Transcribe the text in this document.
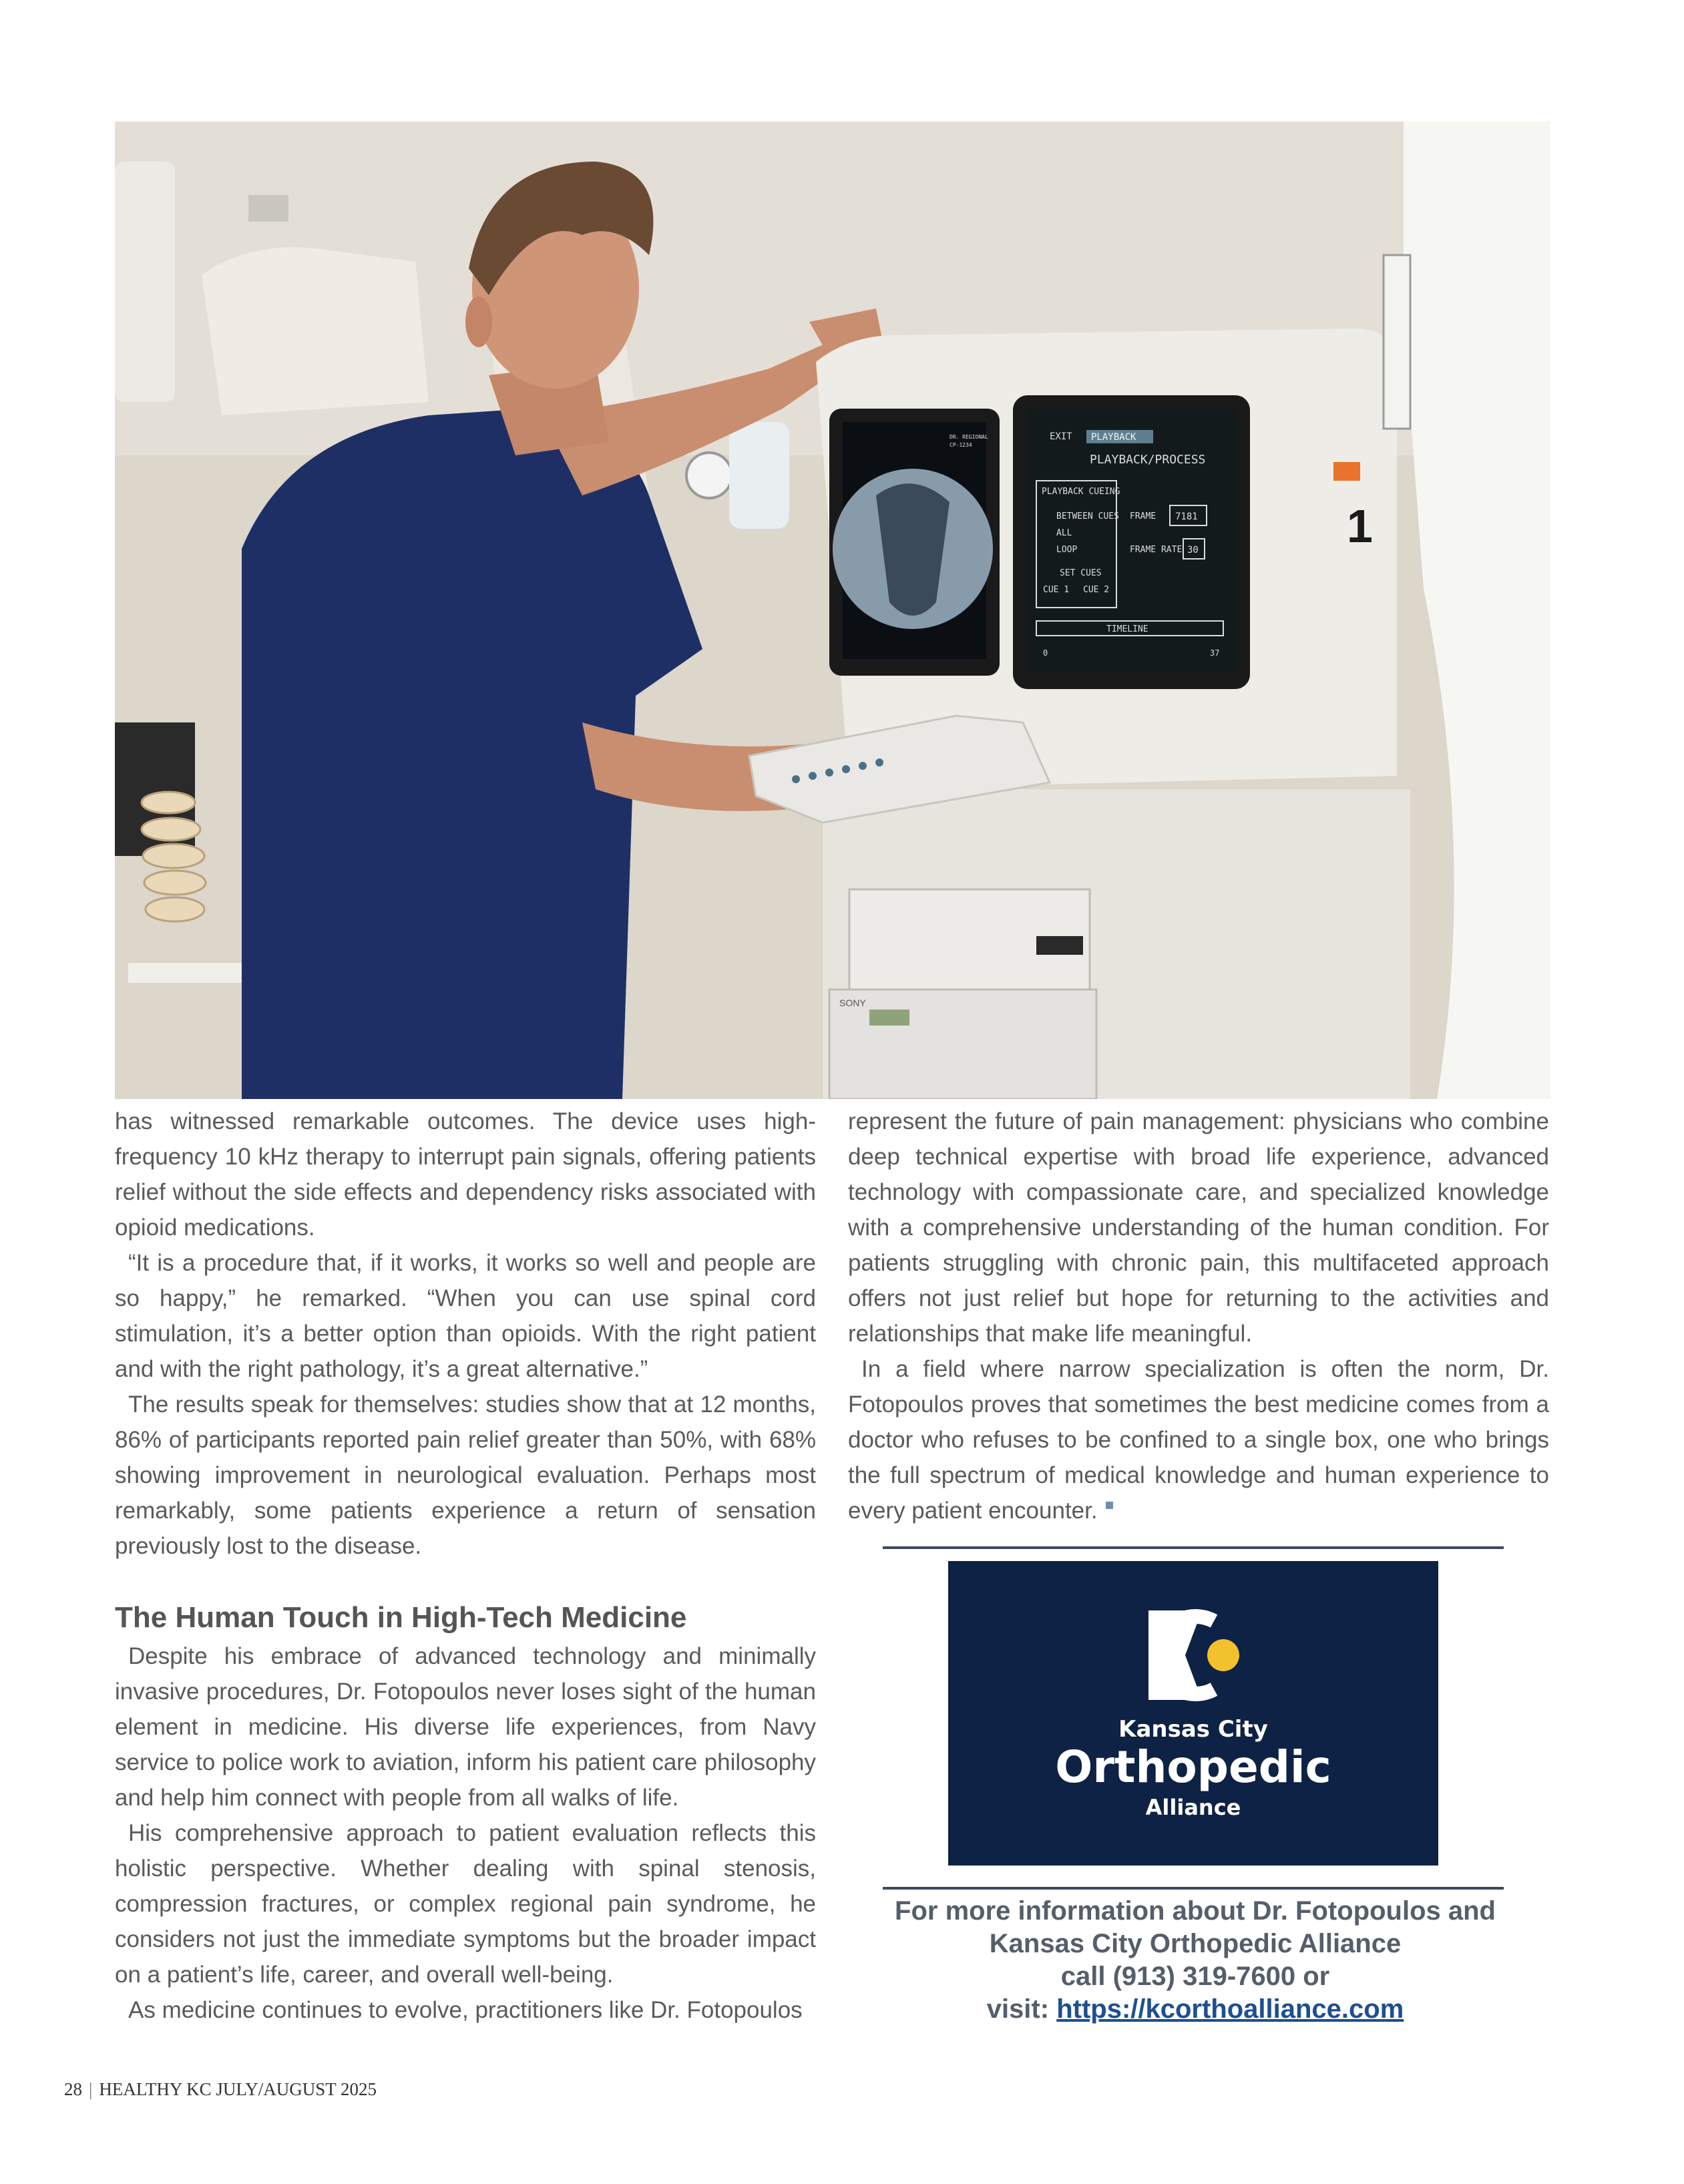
DR. REGIONAL
CP-1234
EXIT PLAYBACK
PLAYBACK/PROCESS
PLAYBACK CUEING
BETWEEN CUES
ALL
LOOP
SET CUES
CUE 1 CUE 2
FRAME 7181
FRAME RATE 30
TIMELINE
0	37
1
SONY

has witnessed remarkable outcomes. The device uses high-frequency 10 kHz therapy to interrupt pain signals, offering patients relief without the side effects and dependency risks associated with opioid medications.

“It is a procedure that, if it works, it works so well and people are so happy,” he remarked. “When you can use spinal cord stimulation, it’s a better option than opioids. With the right patient and with the right pathology, it’s a great alternative.”

The results speak for themselves: studies show that at 12 months, 86% of participants reported pain relief greater than 50%, with 68% showing improvement in neurological evaluation. Perhaps most remarkably, some patients experience a return of sensation previously lost to the disease.

The Human Touch in High-Tech Medicine

Despite his embrace of advanced technology and minimally invasive procedures, Dr. Fotopoulos never loses sight of the human element in medicine. His diverse life experiences, from Navy service to police work to aviation, inform his patient care philosophy and help him connect with people from all walks of life.

His comprehensive approach to patient evaluation reflects this holistic perspective. Whether dealing with spinal stenosis, compression fractures, or complex regional pain syndrome, he considers not just the immediate symptoms but the broader impact on a patient’s life, career, and overall well-being.

As medicine continues to evolve, practitioners like Dr. Fotopoulos

represent the future of pain management: physicians who combine deep technical expertise with broad life experience, advanced technology with compassionate care, and specialized knowledge with a comprehensive understanding of the human condition. For patients struggling with chronic pain, this multifaceted approach offers not just relief but hope for returning to the activities and relationships that make life meaningful.

In a field where narrow specialization is often the norm, Dr. Fotopoulos proves that sometimes the best medicine comes from a doctor who refuses to be confined to a single box, one who brings the full spectrum of medical knowledge and human experience to every patient encounter.

Kansas City
Orthopedic
Alliance
For more information about Dr. Fotopoulos and
Kansas City Orthopedic Alliance
call (913) 319-7600 or
visit: https://kcorthoalliance.com
28 | HEALTHY KC JULY/AUGUST 2025
